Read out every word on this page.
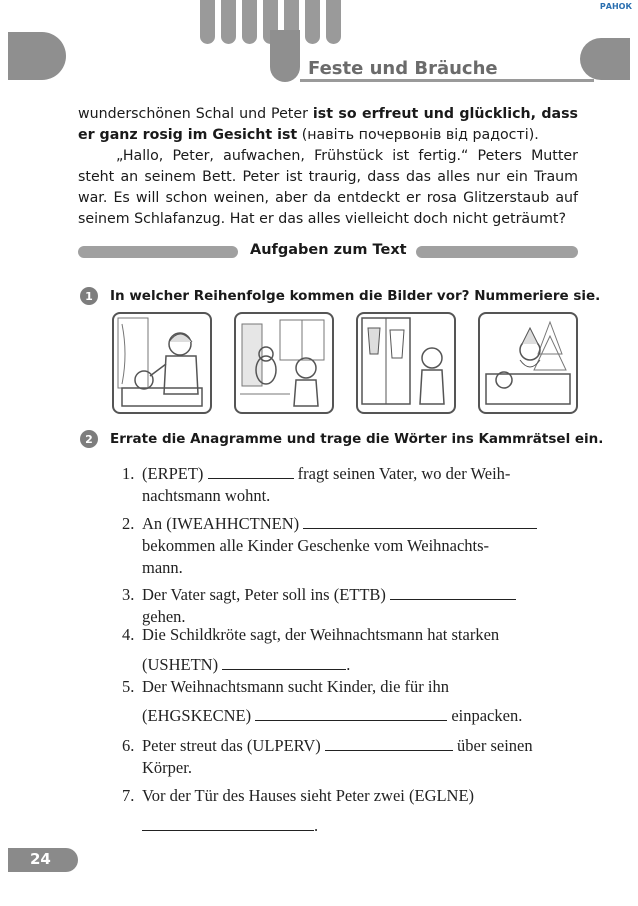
Feste und Bräuche
РАНОК

wunderschönen Schal und Peter ist so erfreut und glücklich, dass er ganz rosig im Gesicht ist (навіть почервонів від радості).

„Hallo, Peter, aufwachen, Frühstück ist fertig.“ Peters Mutter steht an seinem Bett. Peter ist traurig, dass das alles nur ein Traum war. Es will schon weinen, aber da entdeckt er rosa Glitzerstaub auf seinem Schlafanzug. Hat er das alles vielleicht doch nicht geträumt?

Aufgaben zum Text
1	In welcher Reihenfolge kommen die Bilder vor? Nummeriere sie.
2	Errate die Anagramme und trage die Wörter ins Kammrätsel ein.
1. (ERPET)	fragt seinen Vater, wo der Weih-
nachtsmann wohnt.
2. An (IWEAHHCTNEN)
bekommen alle Kinder Geschenke vom Weihnachts-
mann.
3. Der Vater sagt, Peter soll ins (ETTB)
gehen.
4. Die Schildkröte sagt, der Weihnachtsmann hat starken
(USHETN)	.
5. Der Weihnachtsmann sucht Kinder, die für ihn
(EHGSKECNE)	einpacken.
6. Peter streut das (ULPERV)	über seinen
Körper.
7. Vor der Tür des Hauses sieht Peter zwei (EGLNE)
.
24
